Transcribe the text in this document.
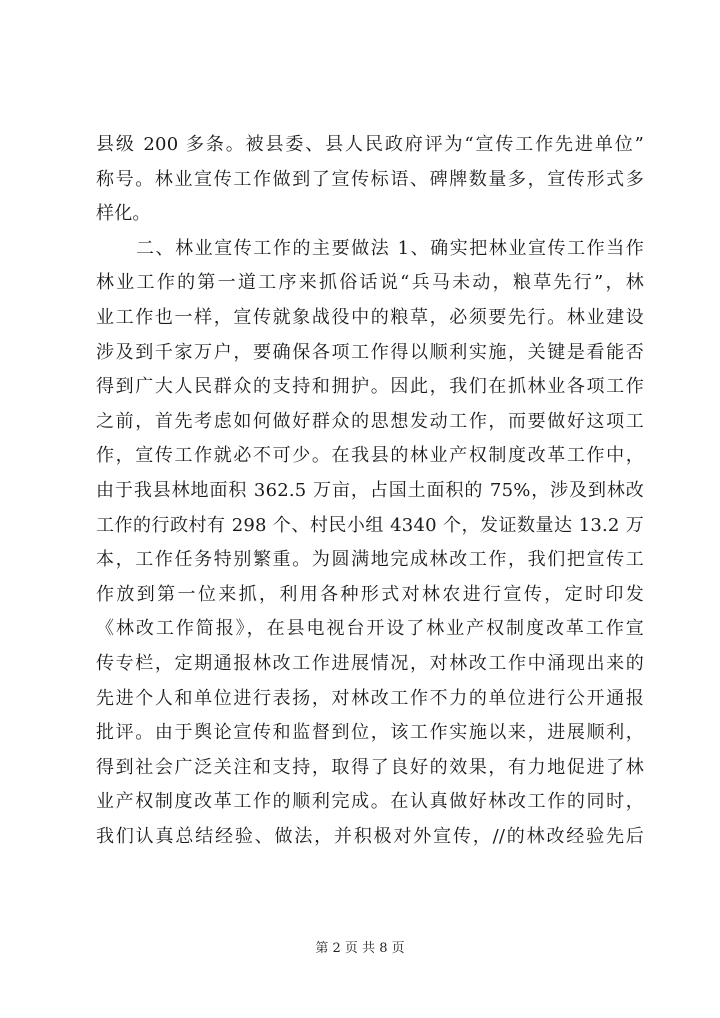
县级 200 多条。被县委、县人民政府评为“宣传工作先进单位”
称号。林业宣传工作做到了宣传标语、碑牌数量多，宣传形式多
样化。
二、林业宣传工作的主要做法 1、确实把林业宣传工作当作
林业工作的第一道工序来抓俗话说“兵马未动，粮草先行”，林
业工作也一样，宣传就象战役中的粮草，必须要先行。林业建设
涉及到千家万户，要确保各项工作得以顺利实施，关键是看能否
得到广大人民群众的支持和拥护。因此，我们在抓林业各项工作
之前，首先考虑如何做好群众的思想发动工作，而要做好这项工
作，宣传工作就必不可少。在我县的林业产权制度改革工作中，
由于我县林地面积 362.5 万亩，占国土面积的 75%，涉及到林改
工作的行政村有 298 个、村民小组 4340 个，发证数量达 13.2 万
本，工作任务特别繁重。为圆满地完成林改工作，我们把宣传工
作放到第一位来抓，利用各种形式对林农进行宣传，定时印发
《林改工作简报》，在县电视台开设了林业产权制度改革工作宣
传专栏，定期通报林改工作进展情况，对林改工作中涌现出来的
先进个人和单位进行表扬，对林改工作不力的单位进行公开通报
批评。由于舆论宣传和监督到位，该工作实施以来，进展顺利，
得到社会广泛关注和支持，取得了良好的效果，有力地促进了林
业产权制度改革工作的顺利完成。在认真做好林改工作的同时，
我们认真总结经验、做法，并积极对外宣传，//的林改经验先后
第 2 页 共 8 页
